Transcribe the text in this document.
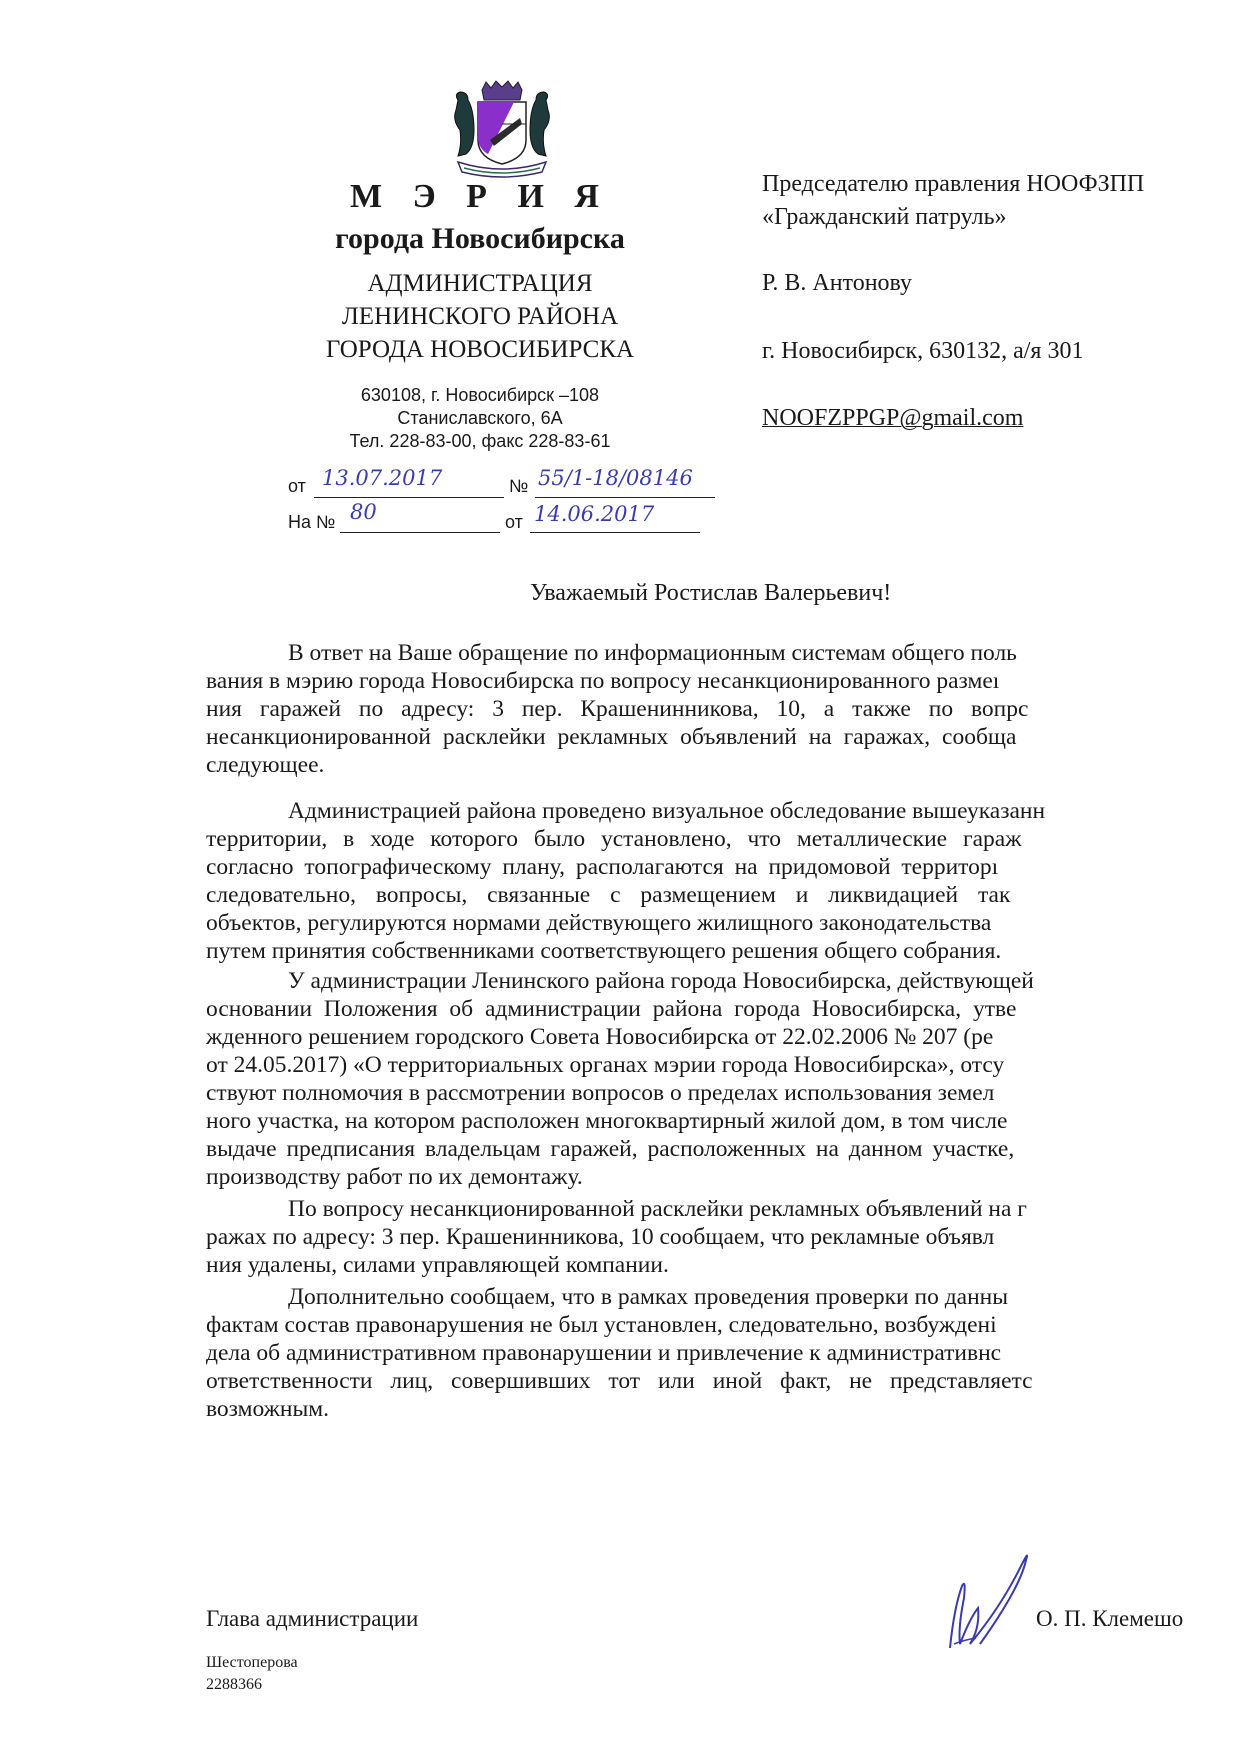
М Э Р И Я
города Новосибирска
АДМИНИСТРАЦИЯ
ЛЕНИНСКОГО РАЙОНА
ГОРОДА НОВОСИБИРСКА
630108, г. Новосибирск –108
Станиславского, 6А
Тел. 228-83-00, факс 228-83-61
от 13.07.2017	№ 55/1-18/08146
На № 80	от 14.06.2017
Председателю правления НООФЗПП
«Гражданский патруль»
Р. В. Антонову
г. Новосибирск, 630132, а/я 301
NOOFZPPGP@gmail.com
Уважаемый Ростислав Валерьевич!
В ответ на Ваше обращение по информационным системам общего поль
вания в мэрию города Новосибирска по вопросу несанкционированного размеı
ния гаражей по адресу: 3 пер. Крашенинникова, 10, а также по вопрс
несанкционированной расклейки рекламных объявлений на гаражах, сообща
следующее.
Администрацией района проведено визуальное обследование вышеуказанн
территории, в ходе которого было установлено, что металлические гараж
согласно топографическому плану, располагаются на придомовой территорı
следовательно, вопросы, связанные с размещением и ликвидацией так
объектов, регулируются нормами действующего жилищного законодательства
путем принятия собственниками соответствующего решения общего собрания.
У администрации Ленинского района города Новосибирска, действующей
основании Положения об администрации района города Новосибирска, утве
жденного решением городского Совета Новосибирска от 22.02.2006 № 207 (ре
от 24.05.2017) «О территориальных органах мэрии города Новосибирска», отсу
ствуют полномочия в рассмотрении вопросов о пределах использования земел
ного участка, на котором расположен многоквартирный жилой дом, в том числе
выдаче предписания владельцам гаражей, расположенных на данном участке,
производству работ по их демонтажу.
По вопросу несанкционированной расклейки рекламных объявлений на г
ражах по адресу: 3 пер. Крашенинникова, 10 сообщаем, что рекламные объявл
ния удалены, силами управляющей компании.
Дополнительно сообщаем, что в рамках проведения проверки по данны
фактам состав правонарушения не был установлен, следовательно, возбуждені
дела об административном правонарушении и привлечение к административнс
ответственности лиц, совершивших тот или иной факт, не представляетс
возможным.
Глава администрации	О. П. Клемешо
Шестоперова
2288366
